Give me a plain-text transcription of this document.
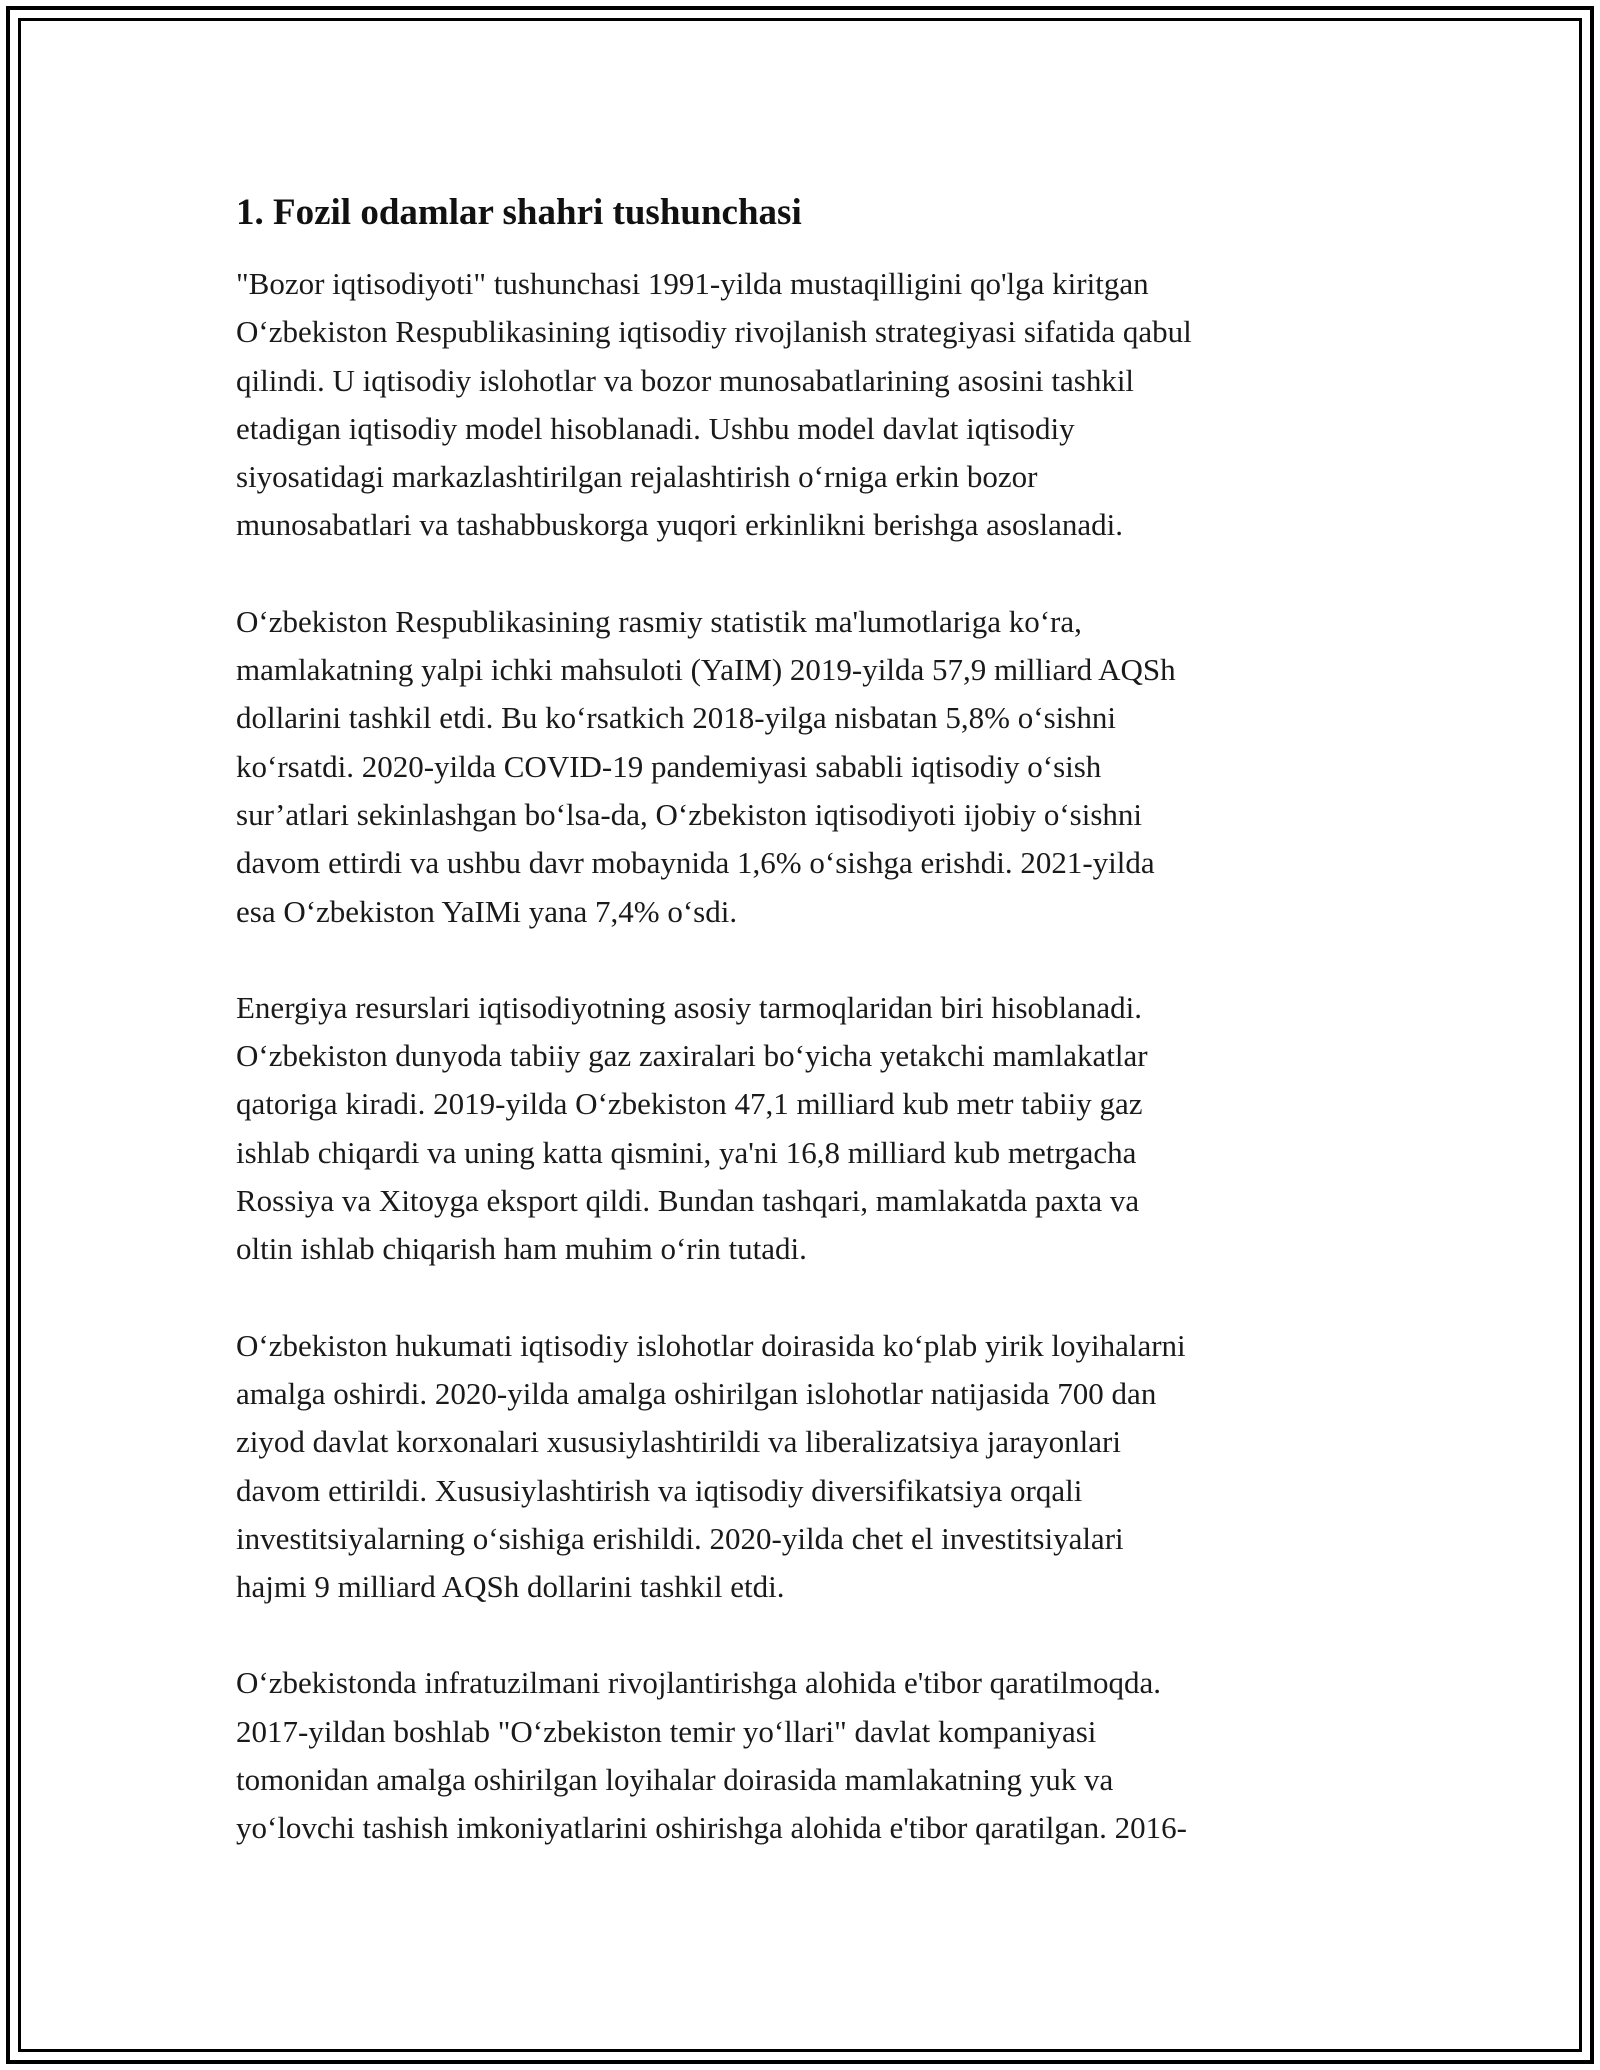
1. Fozil odamlar shahri tushunchasi

"Bozor iqtisodiyoti" tushunchasi 1991-yilda mustaqilligini qo'lga kiritgan
O‘zbekiston Respublikasining iqtisodiy rivojlanish strategiyasi sifatida qabul
qilindi. U iqtisodiy islohotlar va bozor munosabatlarining asosini tashkil
etadigan iqtisodiy model hisoblanadi. Ushbu model davlat iqtisodiy
siyosatidagi markazlashtirilgan rejalashtirish o‘rniga erkin bozor
munosabatlari va tashabbuskorga yuqori erkinlikni berishga asoslanadi.

O‘zbekiston Respublikasining rasmiy statistik ma'lumotlariga ko‘ra,
mamlakatning yalpi ichki mahsuloti (YaIM) 2019-yilda 57,9 milliard AQSh
dollarini tashkil etdi. Bu ko‘rsatkich 2018-yilga nisbatan 5,8% o‘sishni
ko‘rsatdi. 2020-yilda COVID-19 pandemiyasi sababli iqtisodiy o‘sish
sur’atlari sekinlashgan bo‘lsa-da, O‘zbekiston iqtisodiyoti ijobiy o‘sishni
davom ettirdi va ushbu davr mobaynida 1,6% o‘sishga erishdi. 2021-yilda
esa O‘zbekiston YaIMi yana 7,4% o‘sdi.

Energiya resurslari iqtisodiyotning asosiy tarmoqlaridan biri hisoblanadi.
O‘zbekiston dunyoda tabiiy gaz zaxiralari bo‘yicha yetakchi mamlakatlar
qatoriga kiradi. 2019-yilda O‘zbekiston 47,1 milliard kub metr tabiiy gaz
ishlab chiqardi va uning katta qismini, ya'ni 16,8 milliard kub metrgacha
Rossiya va Xitoyga eksport qildi. Bundan tashqari, mamlakatda paxta va
oltin ishlab chiqarish ham muhim o‘rin tutadi.

O‘zbekiston hukumati iqtisodiy islohotlar doirasida ko‘plab yirik loyihalarni
amalga oshirdi. 2020-yilda amalga oshirilgan islohotlar natijasida 700 dan
ziyod davlat korxonalari xususiylashtirildi va liberalizatsiya jarayonlari
davom ettirildi. Xususiylashtirish va iqtisodiy diversifikatsiya orqali
investitsiyalarning o‘sishiga erishildi. 2020-yilda chet el investitsiyalari
hajmi 9 milliard AQSh dollarini tashkil etdi.

O‘zbekistonda infratuzilmani rivojlantirishga alohida e'tibor qaratilmoqda.
2017-yildan boshlab "O‘zbekiston temir yo‘llari" davlat kompaniyasi
tomonidan amalga oshirilgan loyihalar doirasida mamlakatning yuk va
yo‘lovchi tashish imkoniyatlarini oshirishga alohida e'tibor qaratilgan. 2016-
